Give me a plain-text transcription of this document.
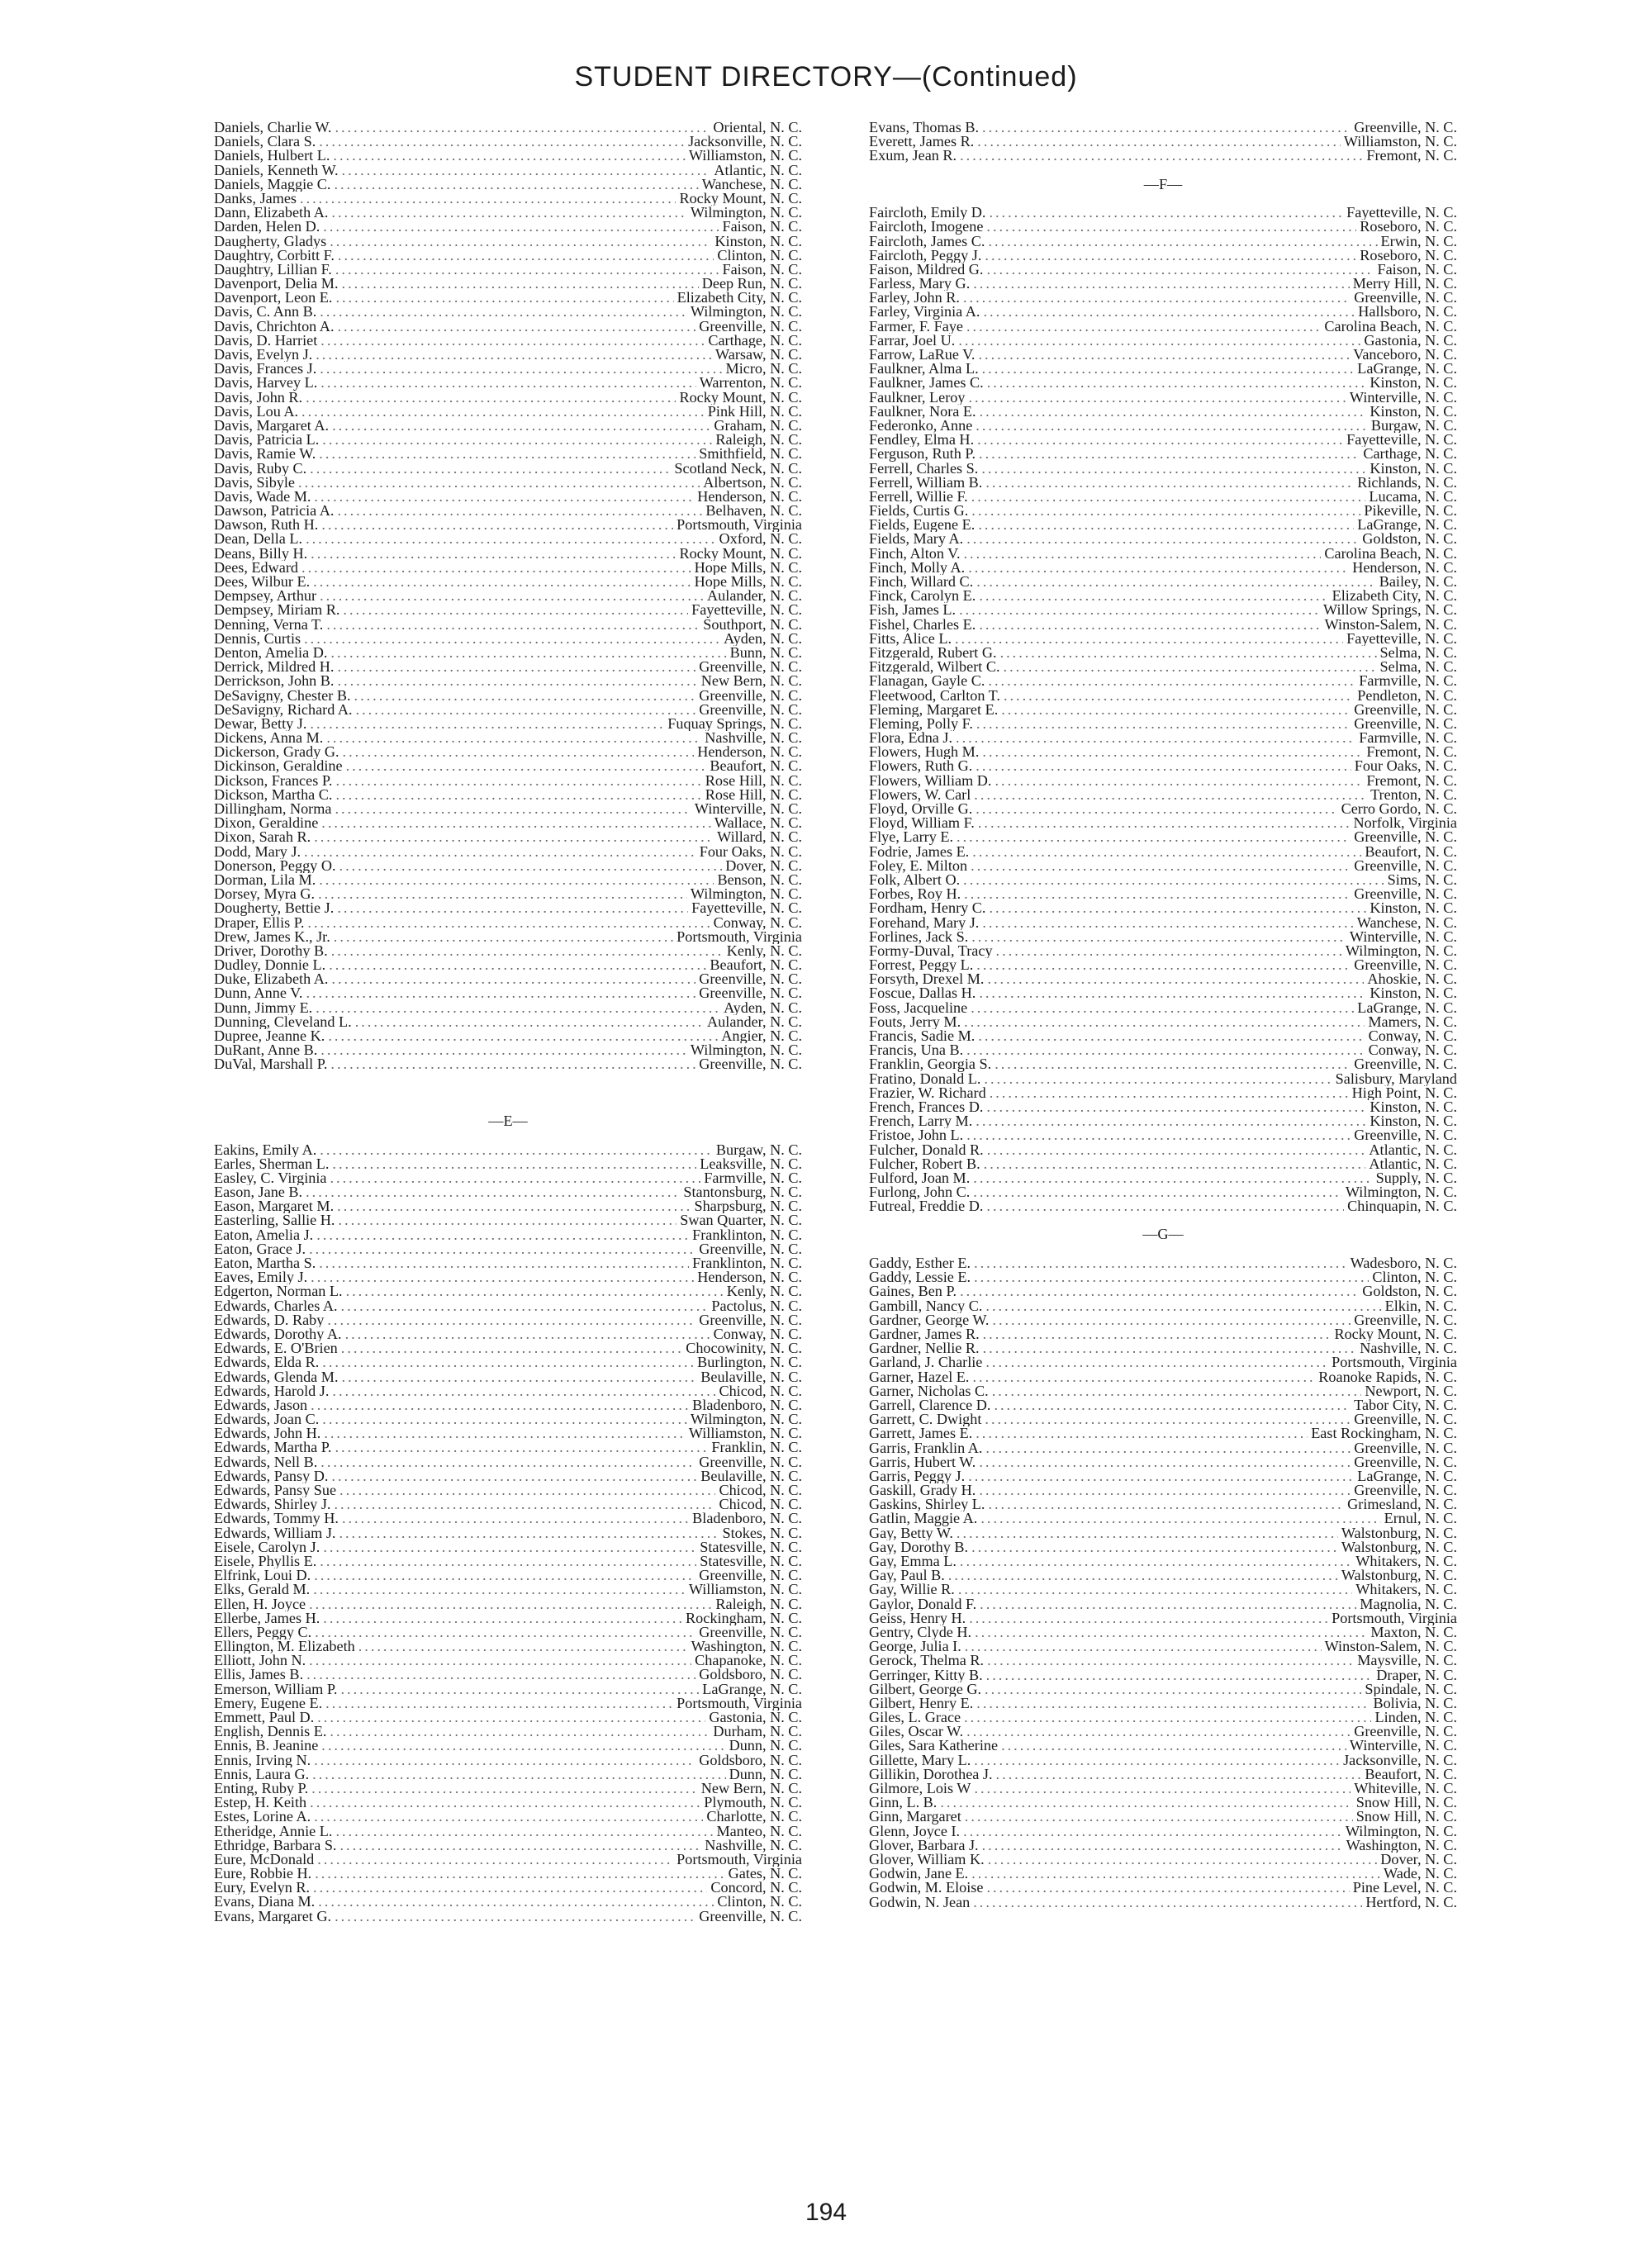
STUDENT DIRECTORY—(Continued)
Daniels, Charlie W. .....	Oriental, N. C.
Daniels, Clara S. .....	Jacksonville, N. C.
Daniels, Hulbert L. .....	Williamston, N. C.
Daniels, Kenneth W. .....	Atlantic, N. C.
Daniels, Maggie C. .....	Wanchese, N. C.
Danks, James .....	Rocky Mount, N. C.
Dann, Elizabeth A. .....	Wilmington, N. C.
Darden, Helen D. .....	Faison, N. C.
Daugherty, Gladys .....	Kinston, N. C.
Daughtry, Corbitt F. .....	Clinton, N. C.
Daughtry, Lillian F. .....	Faison, N. C.
Davenport, Delia M. .....	Deep Run, N. C.
Davenport, Leon E. .....	Elizabeth City, N. C.
Davis, C. Ann B. .....	Wilmington, N. C.
Davis, Chrichton A. .....	Greenville, N. C.
Davis, D. Harriet .....	Carthage, N. C.
Davis, Evelyn J. .....	Warsaw, N. C.
Davis, Frances J. .....	Micro, N. C.
Davis, Harvey L. .....	Warrenton, N. C.
Davis, John R. .....	Rocky Mount, N. C.
Davis, Lou A. .....	Pink Hill, N. C.
Davis, Margaret A. .....	Graham, N. C.
Davis, Patricia L. .....	Raleigh, N. C.
Davis, Ramie W. .....	Smithfield, N. C.
Davis, Ruby C. .....	Scotland Neck, N. C.
Davis, Sibyle .....	Albertson, N. C.
Davis, Wade M. .....	Henderson, N. C.
Dawson, Patricia A. .....	Belhaven, N. C.
Dawson, Ruth H. .....	Portsmouth, Virginia
Dean, Della L. .....	Oxford, N. C.
Deans, Billy H. .....	Rocky Mount, N. C.
Dees, Edward .....	Hope Mills, N. C.
Dees, Wilbur E. .....	Hope Mills, N. C.
Dempsey, Arthur .....	Aulander, N. C.
Dempsey, Miriam R. .....	Fayetteville, N. C.
Denning, Verna T. .....	Southport, N. C.
Dennis, Curtis .....	Ayden, N. C.
Denton, Amelia D. .....	Bunn, N. C.
Derrick, Mildred H. .....	Greenville, N. C.
Derrickson, John B. .....	New Bern, N. C.
DeSavigny, Chester B. .....	Greenville, N. C.
DeSavigny, Richard A. .....	Greenville, N. C.
Dewar, Betty J. .....	Fuquay Springs, N. C.
Dickens, Anna M. .....	Nashville, N. C.
Dickerson, Grady G. .....	Henderson, N. C.
Dickinson, Geraldine .....	Beaufort, N. C.
Dickson, Frances P. .....	Rose Hill, N. C.
Dickson, Martha C. .....	Rose Hill, N. C.
Dillingham, Norma .....	Winterville, N. C.
Dixon, Geraldine .....	Wallace, N. C.
Dixon, Sarah R. .....	Willard, N. C.
Dodd, Mary J. .....	Four Oaks, N. C.
Donerson, Peggy O. .....	Dover, N. C.
Dorman, Lila M. .....	Benson, N. C.
Dorsey, Myra G. .....	Wilmington, N. C.
Dougherty, Bettie J. .....	Fayetteville, N. C.
Draper, Ellis P. .....	Conway, N. C.
Drew, James K., Jr. .....	Portsmouth, Virginia
Driver, Dorothy B. .....	Kenly, N. C.
Dudley, Donnie L. .....	Beaufort, N. C.
Duke, Elizabeth A. .....	Greenville, N. C.
Dunn, Anne V. .....	Greenville, N. C.
Dunn, Jimmy E. .....	Ayden, N. C.
Dunning, Cleveland L. .....	Aulander, N. C.
Dupree, Jeanne K. .....	Angier, N. C.
DuRant, Anne B. .....	Wilmington, N. C.
DuVal, Marshall P. .....	Greenville, N. C.
—E—
Eakins, Emily A. .....	Burgaw, N. C.
Earles, Sherman L. .....	Leaksville, N. C.
Easley, C. Virginia .....	Farmville, N. C.
Eason, Jane B. .....	Stantonsburg, N. C.
Eason, Margaret M. .....	Sharpsburg, N. C.
Easterling, Sallie H. .....	Swan Quarter, N. C.
Eaton, Amelia J. .....	Franklinton, N. C.
Eaton, Grace J. .....	Greenville, N. C.
Eaton, Martha S. .....	Franklinton, N. C.
Eaves, Emily J. .....	Henderson, N. C.
Edgerton, Norman L. .....	Kenly, N. C.
Edwards, Charles A. .....	Pactolus, N. C.
Edwards, D. Raby .....	Greenville, N. C.
Edwards, Dorothy A. .....	Conway, N. C.
Edwards, E. O'Brien .....	Chocowinity, N. C.
Edwards, Elda R. .....	Burlington, N. C.
Edwards, Glenda M. .....	Beulaville, N. C.
Edwards, Harold J. .....	Chicod, N. C.
Edwards, Jason .....	Bladenboro, N. C.
Edwards, Joan C. .....	Wilmington, N. C.
Edwards, John H. .....	Williamston, N. C.
Edwards, Martha P. .....	Franklin, N. C.
Edwards, Nell B. .....	Greenville, N. C.
Edwards, Pansy D. .....	Beulaville, N. C.
Edwards, Pansy Sue .....	Chicod, N. C.
Edwards, Shirley J. .....	Chicod, N. C.
Edwards, Tommy H. .....	Bladenboro, N. C.
Edwards, William J. .....	Stokes, N. C.
Eisele, Carolyn J. .....	Statesville, N. C.
Eisele, Phyllis E. .....	Statesville, N. C.
Elfrink, Loui D. .....	Greenville, N. C.
Elks, Gerald M. .....	Williamston, N. C.
Ellen, H. Joyce .....	Raleigh, N. C.
Ellerbe, James H. .....	Rockingham, N. C.
Ellers, Peggy C. .....	Greenville, N. C.
Ellington, M. Elizabeth .....	Washington, N. C.
Elliott, John N. .....	Chapanoke, N. C.
Ellis, James B. .....	Goldsboro, N. C.
Emerson, William P. .....	LaGrange, N. C.
Emery, Eugene E. .....	Portsmouth, Virginia
Emmett, Paul D. .....	Gastonia, N. C.
English, Dennis E. .....	Durham, N. C.
Ennis, B. Jeanine .....	Dunn, N. C.
Ennis, Irving N. .....	Goldsboro, N. C.
Ennis, Laura G. .....	Dunn, N. C.
Enting, Ruby P. .....	New Bern, N. C.
Estep, H. Keith .....	Plymouth, N. C.
Estes, Lorine A. .....	Charlotte, N. C.
Etheridge, Annie L. .....	Manteo, N. C.
Ethridge, Barbara S. .....	Nashville, N. C.
Eure, McDonald .....	Portsmouth, Virginia
Eure, Robbie H. .....	Gates, N. C.
Eury, Evelyn R. .....	Concord, N. C.
Evans, Diana M. .....	Clinton, N. C.
Evans, Margaret G. .....	Greenville, N. C.
Evans, Thomas B. .....	Greenville, N. C.
Everett, James R. .....	Williamston, N. C.
Exum, Jean R. .....	Fremont, N. C.
—F—
Faircloth, Emily D. .....	Fayetteville, N. C.
Faircloth, Imogene .....	Roseboro, N. C.
Faircloth, James C. .....	Erwin, N. C.
Faircloth, Peggy J. .....	Roseboro, N. C.
Faison, Mildred G. .....	Faison, N. C.
Farless, Mary G. .....	Merry Hill, N. C.
Farley, John R. .....	Greenville, N. C.
Farley, Virginia A. .....	Hallsboro, N. C.
Farmer, F. Faye .....	Carolina Beach, N. C.
Farrar, Joel U. .....	Gastonia, N. C.
Farrow, LaRue V. .....	Vanceboro, N. C.
Faulkner, Alma L. .....	LaGrange, N. C.
Faulkner, James C. .....	Kinston, N. C.
Faulkner, Leroy .....	Winterville, N. C.
Faulkner, Nora E. .....	Kinston, N. C.
Federonko, Anne .....	Burgaw, N. C.
Fendley, Elma H. .....	Fayetteville, N. C.
Ferguson, Ruth P. .....	Carthage, N. C.
Ferrell, Charles S. .....	Kinston, N. C.
Ferrell, William B. .....	Richlands, N. C.
Ferrell, Willie F. .....	Lucama, N. C.
Fields, Curtis G. .....	Pikeville, N. C.
Fields, Eugene E. .....	LaGrange, N. C.
Fields, Mary A. .....	Goldston, N. C.
Finch, Alton V. .....	Carolina Beach, N. C.
Finch, Molly A. .....	Henderson, N. C.
Finch, Willard C. .....	Bailey, N. C.
Finck, Carolyn E. .....	Elizabeth City, N. C.
Fish, James L. .....	Willow Springs, N. C.
Fishel, Charles E. .....	Winston-Salem, N. C.
Fitts, Alice L. .....	Fayetteville, N. C.
Fitzgerald, Rubert G. .....	Selma, N. C.
Fitzgerald, Wilbert C. .....	Selma, N. C.
Flanagan, Gayle C. .....	Farmville, N. C.
Fleetwood, Carlton T. .....	Pendleton, N. C.
Fleming, Margaret E. .....	Greenville, N. C.
Fleming, Polly F. .....	Greenville, N. C.
Flora, Edna J. .....	Farmville, N. C.
Flowers, Hugh M. .....	Fremont, N. C.
Flowers, Ruth G. .....	Four Oaks, N. C.
Flowers, William D. .....	Fremont, N. C.
Flowers, W. Carl .....	Trenton, N. C.
Floyd, Orville G. .....	Cerro Gordo, N. C.
Floyd, William F. .....	Norfolk, Virginia
Flye, Larry E. .....	Greenville, N. C.
Fodrie, James E. .....	Beaufort, N. C.
Foley, E. Milton .....	Greenville, N. C.
Folk, Albert O. .....	Sims, N. C.
Forbes, Roy H. .....	Greenville, N. C.
Fordham, Henry C. .....	Kinston, N. C.
Forehand, Mary J. .....	Wanchese, N. C.
Forlines, Jack S. .....	Winterville, N. C.
Formy-Duval, Tracy .....	Wilmington, N. C.
Forrest, Peggy L. .....	Greenville, N. C.
Forsyth, Drexel M. .....	Ahoskie, N. C.
Foscue, Dallas H. .....	Kinston, N. C.
Foss, Jacqueline .....	LaGrange, N. C.
Fouts, Jerry M. .....	Mamers, N. C.
Francis, Sadie M. .....	Conway, N. C.
Francis, Una B. .....	Conway, N. C.
Franklin, Georgia S. .....	Greenville, N. C.
Fratino, Donald L. .....	Salisbury, Maryland
Frazier, W. Richard .....	High Point, N. C.
French, Frances D. .....	Kinston, N. C.
French, Larry M. .....	Kinston, N. C.
Fristoe, John L. .....	Greenville, N. C.
Fulcher, Donald R. .....	Atlantic, N. C.
Fulcher, Robert B. .....	Atlantic, N. C.
Fulford, Joan M. .....	Supply, N. C.
Furlong, John C. .....	Wilmington, N. C.
Futreal, Freddie D. .....	Chinquapin, N. C.
—G—
Gaddy, Esther E. .....	Wadesboro, N. C.
Gaddy, Lessie E. .....	Clinton, N. C.
Gaines, Ben P. .....	Goldston, N. C.
Gambill, Nancy C. .....	Elkin, N. C.
Gardner, George W. .....	Greenville, N. C.
Gardner, James R. .....	Rocky Mount, N. C.
Gardner, Nellie R. .....	Nashville, N. C.
Garland, J. Charlie .....	Portsmouth, Virginia
Garner, Hazel E. .....	Roanoke Rapids, N. C.
Garner, Nicholas C. .....	Newport, N. C.
Garrell, Clarence D. .....	Tabor City, N. C.
Garrett, C. Dwight .....	Greenville, N. C.
Garrett, James E. .....	East Rockingham, N. C.
Garris, Franklin A. .....	Greenville, N. C.
Garris, Hubert W. .....	Greenville, N. C.
Garris, Peggy J. .....	LaGrange, N. C.
Gaskill, Grady H. .....	Greenville, N. C.
Gaskins, Shirley L. .....	Grimesland, N. C.
Gatlin, Maggie A. .....	Ernul, N. C.
Gay, Betty W. .....	Walstonburg, N. C.
Gay, Dorothy B. .....	Walstonburg, N. C.
Gay, Emma L. .....	Whitakers, N. C.
Gay, Paul B. .....	Walstonburg, N. C.
Gay, Willie R. .....	Whitakers, N. C.
Gaylor, Donald F. .....	Magnolia, N. C.
Geiss, Henry H. .....	Portsmouth, Virginia
Gentry, Clyde H. .....	Maxton, N. C.
George, Julia I. .....	Winston-Salem, N. C.
Gerock, Thelma R. .....	Maysville, N. C.
Gerringer, Kitty B. .....	Draper, N. C.
Gilbert, George G. .....	Spindale, N. C.
Gilbert, Henry E. .....	Bolivia, N. C.
Giles, L. Grace .....	Linden, N. C.
Giles, Oscar W. .....	Greenville, N. C.
Giles, Sara Katherine .....	Winterville, N. C.
Gillette, Mary L. .....	Jacksonville, N. C.
Gillikin, Dorothea J. .....	Beaufort, N. C.
Gilmore, Lois W .....	Whiteville, N. C.
Ginn, L. B. .....	Snow Hill, N. C.
Ginn, Margaret .....	Snow Hill, N. C.
Glenn, Joyce I. .....	Wilmington, N. C.
Glover, Barbara J. .....	Washington, N. C.
Glover, William K. .....	Dover, N. C.
Godwin, Jane E. .....	Wade, N. C.
Godwin, M. Eloise .....	Pine Level, N. C.
Godwin, N. Jean .....	Hertford, N. C.
194
